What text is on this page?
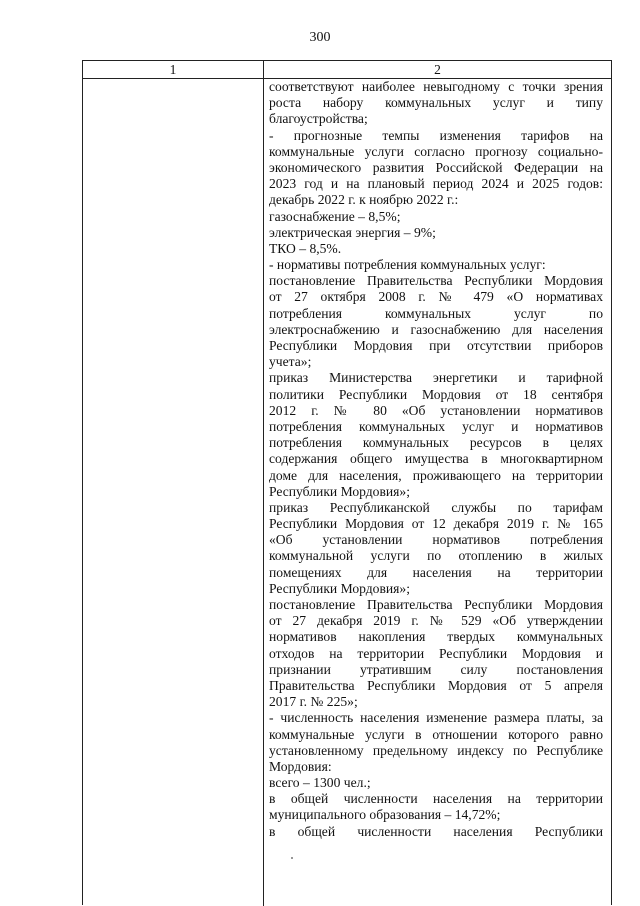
300
1	2
соответствуют наиболее невыгодному с точки зрения
роста набору коммунальных услуг и типу
благоустройства;
- прогнозные темпы изменения тарифов на
коммунальные услуги согласно прогнозу социально-
экономического развития Российской Федерации на
2023 год и на плановый период 2024 и 2025 годов:
декабрь 2022 г. к ноябрю 2022 г.:
газоснабжение – 8,5%;
электрическая энергия – 9%;
ТКО – 8,5%.
- нормативы потребления коммунальных услуг:
постановление Правительства Республики Мордовия
от 27 октября 2008 г. № 479 «О нормативах
потребления коммунальных услуг по
электроснабжению и газоснабжению для населения
Республики Мордовия при отсутствии приборов
учета»;
приказ Министерства энергетики и тарифной
политики Республики Мордовия от 18 сентября
2012 г. № 80 «Об установлении нормативов
потребления коммунальных услуг и нормативов
потребления коммунальных ресурсов в целях
содержания общего имущества в многоквартирном
доме для населения, проживающего на территории
Республики Мордовия»;
приказ Республиканской службы по тарифам
Республики Мордовия от 12 декабря 2019 г. № 165
«Об установлении нормативов потребления
коммунальной услуги по отоплению в жилых
помещениях для населения на территории
Республики Мордовия»;
постановление Правительства Республики Мордовия
от 27 декабря 2019 г. № 529 «Об утверждении
нормативов накопления твердых коммунальных
отходов на территории Республики Мордовия и
признании утратившим силу постановления
Правительства Республики Мордовия от 5 апреля
2017 г. № 225»;
- численность населения изменение размера платы, за
коммунальные услуги в отношении которого равно
установленному предельному индексу по Республике
Мордовия:
всего – 1300 чел.;
в общей численности населения на территории
муниципального образования – 14,72%;
в общей численности населения Республики
